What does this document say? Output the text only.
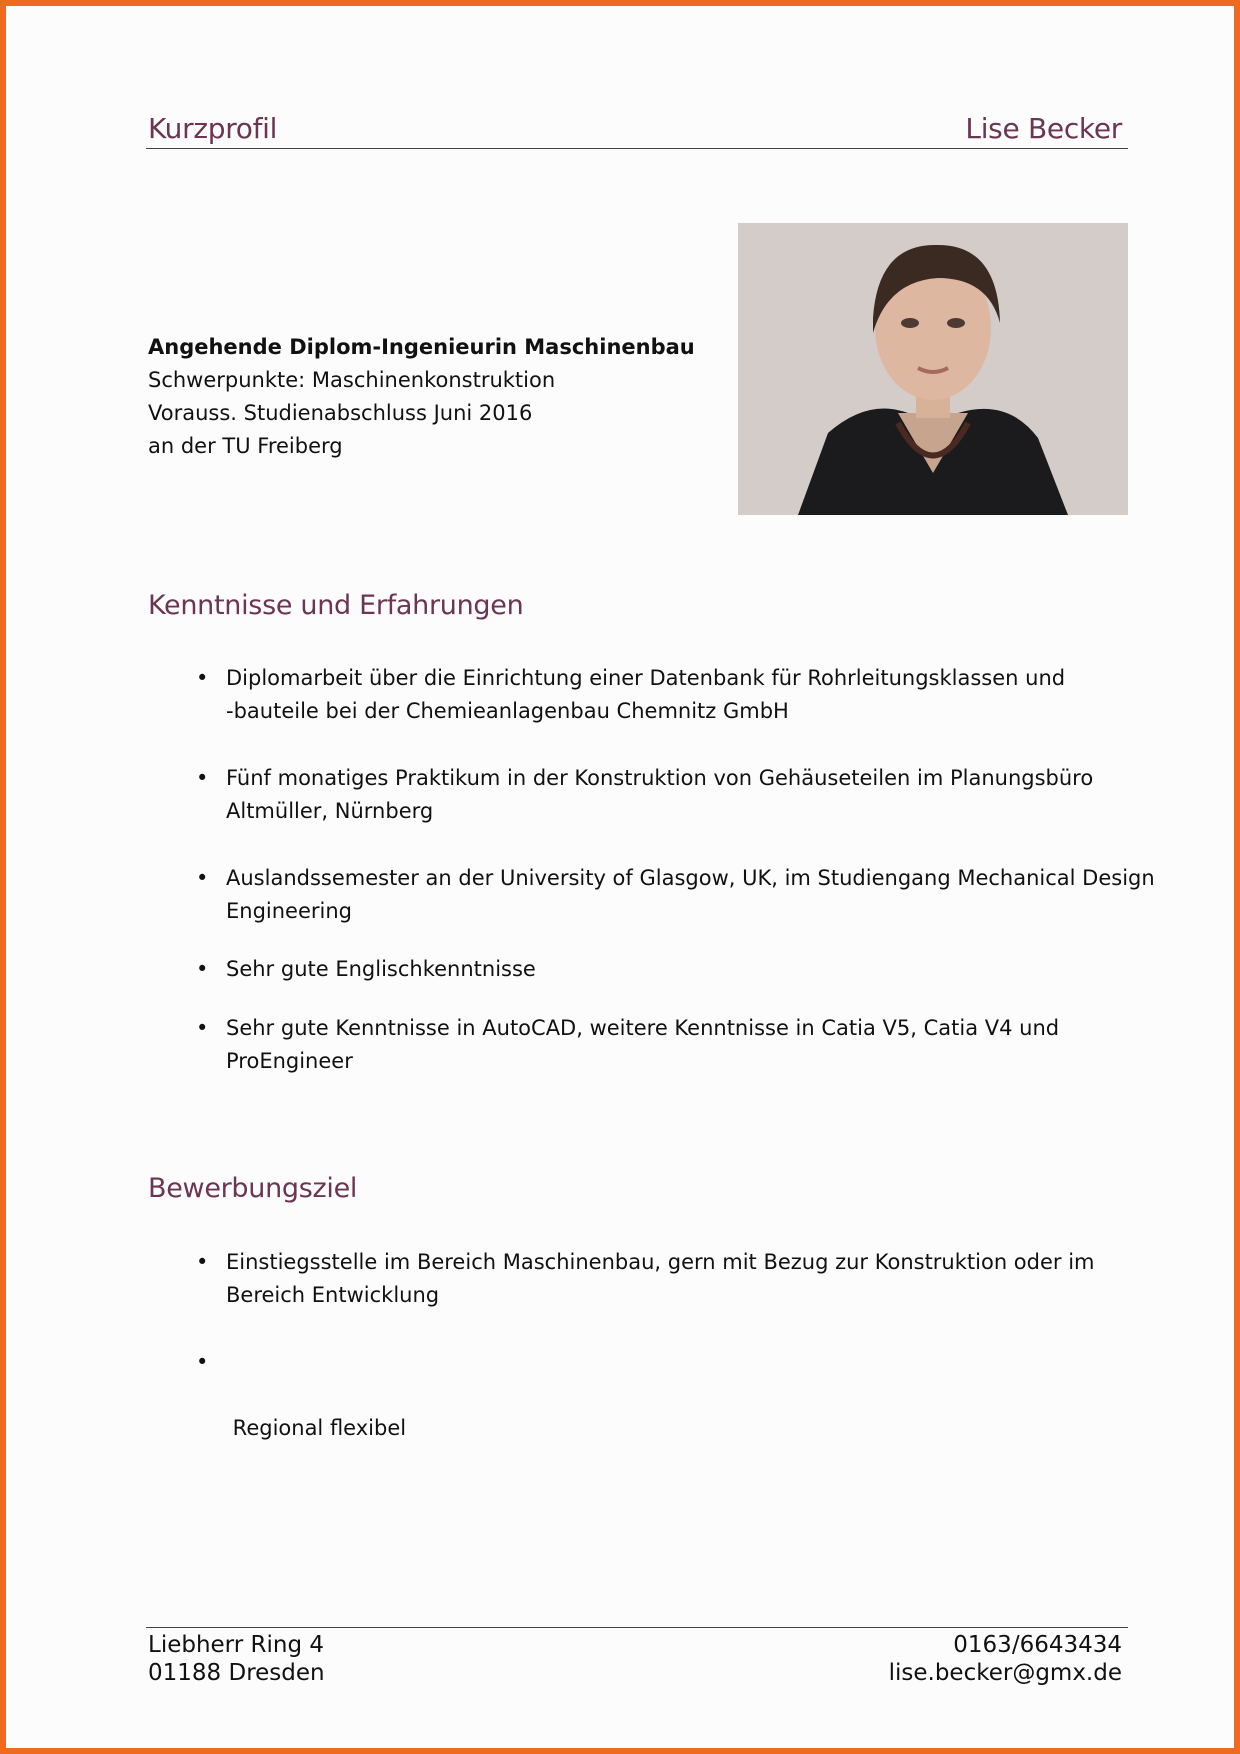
Kurzprofil	Lise Becker
Angehende Diplom-Ingenieurin Maschinenbau
Schwerpunkte: Maschinenkonstruktion
Vorauss. Studienabschluss Juni 2016
an der TU Freiberg
Kenntnisse und Erfahrungen
• Diplomarbeit über die Einrichtung einer Datenbank für Rohrleitungsklassen und
-bauteile bei der Chemieanlagenbau Chemnitz GmbH
• Fünf monatiges Praktikum in der Konstruktion von Gehäuseteilen im Planungsbüro
Altmüller, Nürnberg
• Auslandssemester an der University of Glasgow, UK, im Studiengang Mechanical Design
Engineering
• Sehr gute Englischkenntnisse
• Sehr gute Kenntnisse in AutoCAD, weitere Kenntnisse in Catia V5, Catia V4 und
ProEngineer
Bewerbungsziel
• Einstiegsstelle im Bereich Maschinenbau, gern mit Bezug zur Konstruktion oder im
Bereich Entwicklung
•

Regional flexibel

Liebherr Ring 4
01188 Dresden
0163/6643434
lise.becker@gmx.de
